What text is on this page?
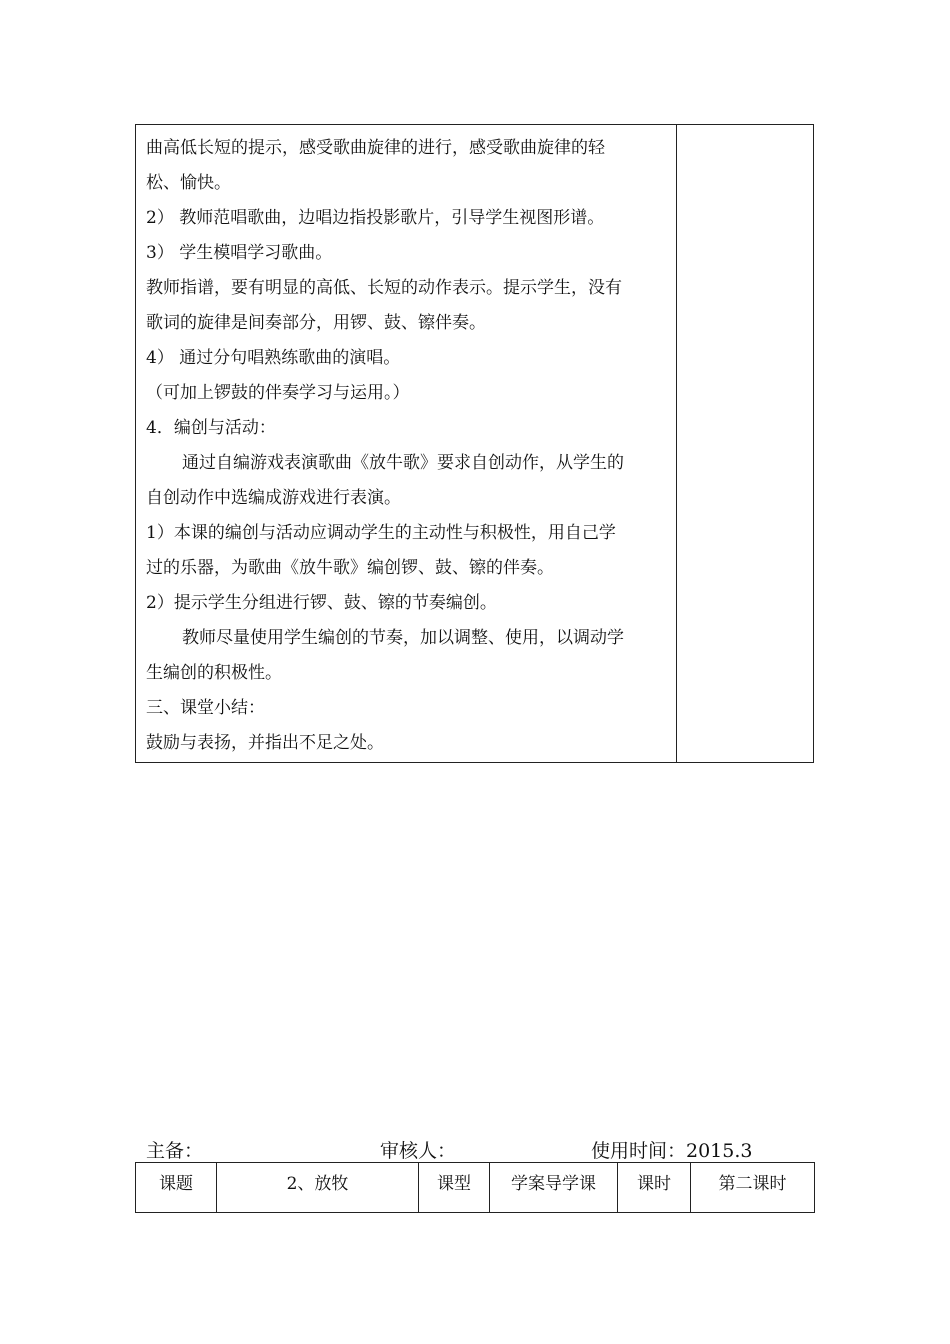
曲高低长短的提示，感受歌曲旋律的进行，感受歌曲旋律的轻
松、愉快。
2） 教师范唱歌曲，边唱边指投影歌片，引导学生视图形谱。
3） 学生模唱学习歌曲。
教师指谱，要有明显的高低、长短的动作表示。提示学生，没有
歌词的旋律是间奏部分，用锣、鼓、镲伴奏。
4） 通过分句唱熟练歌曲的演唱。
（可加上锣鼓的伴奏学习与运用。）
4．编创与活动：
通过自编游戏表演歌曲《放牛歌》要求自创动作，从学生的
自创动作中选编成游戏进行表演。
1）本课的编创与活动应调动学生的主动性与积极性，用自己学
过的乐器，为歌曲《放牛歌》编创锣、鼓、镲的伴奏。
2）提示学生分组进行锣、鼓、镲的节奏编创。
教师尽量使用学生编创的节奏，加以调整、使用，以调动学
生编创的积极性。
三、课堂小结：
鼓励与表扬，并指出不足之处。
主备：	审核人：	使用时间：2015.3
课题	2、放牧	课型	学案导学课	课时	第二课时
